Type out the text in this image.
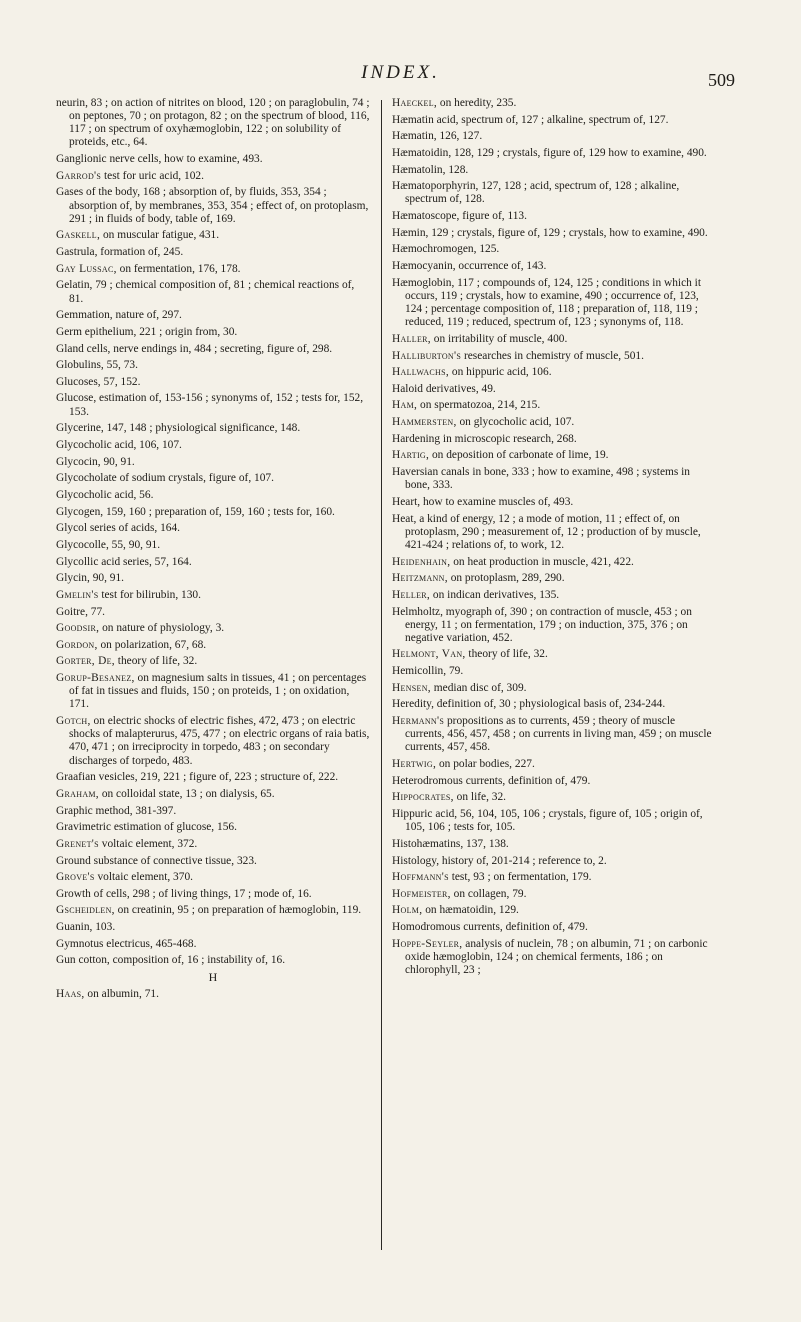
INDEX.	509
neurin, 83 ; on action of nitrites on blood, 120 ; on paraglobulin, 74 ; on peptones, 70 ; on protagon, 82 ; on the spectrum of blood, 116, 117 ; on spectrum of oxyhæmoglobin, 122 ; on solubility of proteids, etc., 64.
Ganglionic nerve cells, how to examine, 493.
Garrod's test for uric acid, 102.
Gases of the body, 168 ; absorption of, by fluids, 353, 354 ; absorption of, by membranes, 353, 354 ; effect of, on protoplasm, 291 ; in fluids of body, table of, 169.
Gaskell, on muscular fatigue, 431.
Gastrula, formation of, 245.
Gay Lussac, on fermentation, 176, 178.
Gelatin, 79 ; chemical composition of, 81 ; chemical reactions of, 81.
Gemmation, nature of, 297.
Germ epithelium, 221 ; origin from, 30.
Gland cells, nerve endings in, 484 ; secreting, figure of, 298.
Globulins, 55, 73.
Glucoses, 57, 152.
Glucose, estimation of, 153-156 ; synonyms of, 152 ; tests for, 152, 153.
Glycerine, 147, 148 ; physiological significance, 148.
Glycocholic acid, 106, 107.
Glycocin, 90, 91.
Glycocholate of sodium crystals, figure of, 107.
Glycocholic acid, 56.
Glycogen, 159, 160 ; preparation of, 159, 160 ; tests for, 160.
Glycol series of acids, 164.
Glycocolle, 55, 90, 91.
Glycollic acid series, 57, 164.
Glycin, 90, 91.
Gmelin's test for bilirubin, 130.
Goitre, 77.
Goodsir, on nature of physiology, 3.
Gordon, on polarization, 67, 68.
Gorter, De, theory of life, 32.
Gorup-Besanez, on magnesium salts in tissues, 41 ; on percentages of fat in tissues and fluids, 150 ; on proteids, 1 ; on oxidation, 171.
Gotch, on electric shocks of electric fishes, 472, 473 ; on electric shocks of malapterurus, 475, 477 ; on electric organs of raia batis, 470, 471 ; on irreciprocity in torpedo, 483 ; on secondary discharges of torpedo, 483.
Graafian vesicles, 219, 221 ; figure of, 223 ; structure of, 222.
Graham, on colloidal state, 13 ; on dialysis, 65.
Graphic method, 381-397.
Gravimetric estimation of glucose, 156.
Grenet's voltaic element, 372.
Ground substance of connective tissue, 323.
Grove's voltaic element, 370.
Growth of cells, 298 ; of living things, 17 ; mode of, 16.
Gscheidlen, on creatinin, 95 ; on preparation of hæmoglobin, 119.
Guanin, 103.
Gymnotus electricus, 465-468.
Gun cotton, composition of, 16 ; instability of, 16.
H
Haas, on albumin, 71.
Haeckel, on heredity, 235.
Hæmatin acid, spectrum of, 127 ; alkaline, spectrum of, 127.
Hæmatin, 126, 127.
Hæmatoidin, 128, 129 ; crystals, figure of, 129 how to examine, 490.
Hæmatolin, 128.
Hæmatoporphyrin, 127, 128 ; acid, spectrum of, 128 ; alkaline, spectrum of, 128.
Hæmatoscope, figure of, 113.
Hæmin, 129 ; crystals, figure of, 129 ; crystals, how to examine, 490.
Hæmochromogen, 125.
Hæmocyanin, occurrence of, 143.
Hæmoglobin, 117 ; compounds of, 124, 125 ; conditions in which it occurs, 119 ; crystals, how to examine, 490 ; occurrence of, 123, 124 ; percentage composition of, 118 ; preparation of, 118, 119 ; reduced, 119 ; reduced, spectrum of, 123 ; synonyms of, 118.
Haller, on irritability of muscle, 400.
Halliburton's researches in chemistry of muscle, 501.
Hallwachs, on hippuric acid, 106.
Haloid derivatives, 49.
Ham, on spermatozoa, 214, 215.
Hammersten, on glycocholic acid, 107.
Hardening in microscopic research, 268.
Hartig, on deposition of carbonate of lime, 19.
Haversian canals in bone, 333 ; how to examine, 498 ; systems in bone, 333.
Heart, how to examine muscles of, 493.
Heat, a kind of energy, 12 ; a mode of motion, 11 ; effect of, on protoplasm, 290 ; measurement of, 12 ; production of by muscle, 421-424 ; relations of, to work, 12.
Heidenhain, on heat production in muscle, 421, 422.
Heitzmann, on protoplasm, 289, 290.
Heller, on indican derivatives, 135.
Helmholtz, myograph of, 390 ; on contraction of muscle, 453 ; on energy, 11 ; on fermentation, 179 ; on induction, 375, 376 ; on negative variation, 452.
Helmont, Van, theory of life, 32.
Hemicollin, 79.
Hensen, median disc of, 309.
Heredity, definition of, 30 ; physiological basis of, 234-244.
Hermann's propositions as to currents, 459 ; theory of muscle currents, 456, 457, 458 ; on currents in living man, 459 ; on muscle currents, 457, 458.
Hertwig, on polar bodies, 227.
Heterodromous currents, definition of, 479.
Hippocrates, on life, 32.
Hippuric acid, 56, 104, 105, 106 ; crystals, figure of, 105 ; origin of, 105, 106 ; tests for, 105.
Histohæmatins, 137, 138.
Histology, history of, 201-214 ; reference to, 2.
Hoffmann's test, 93 ; on fermentation, 179.
Hofmeister, on collagen, 79.
Holm, on hæmatoidin, 129.
Homodromous currents, definition of, 479.
Hoppe-Seyler, analysis of nuclein, 78 ; on albumin, 71 ; on carbonic oxide hæmoglobin, 124 ; on chemical ferments, 186 ; on chlorophyll, 23 ;
